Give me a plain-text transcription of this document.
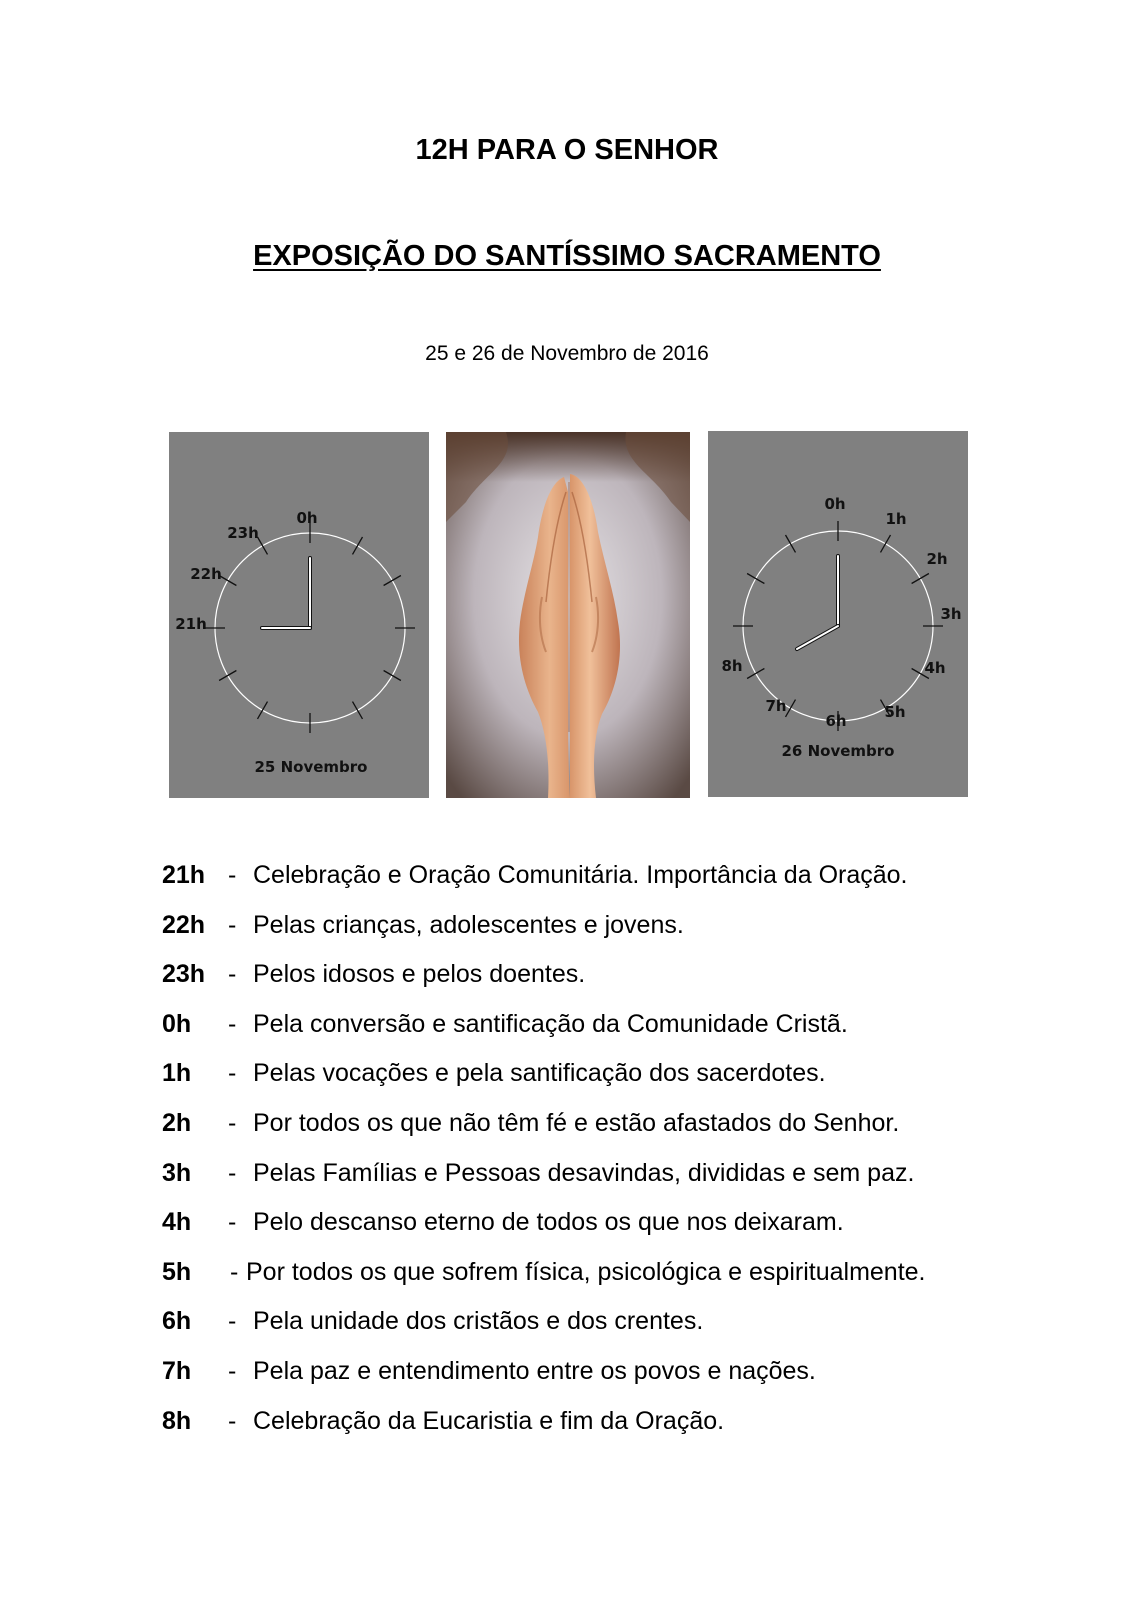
12H PARA O SENHOR
EXPOSIÇÃO DO SANTÍSSIMO SACRAMENTO
25 e 26 de Novembro de 2016
0h
23h
22h
21h
25 Novembro
0h
1h
2h
3h
4h
5h
6h
7h
8h
26 Novembro
21h - Celebração e Oração Comunitária. Importância da Oração.
22h - Pelas crianças, adolescentes e jovens.
23h - Pelos idosos e pelos doentes.
0h - Pela conversão e santificação da Comunidade Cristã.
1h - Pelas vocações e pela santificação dos sacerdotes.
2h - Por todos os que não têm fé e estão afastados do Senhor.
3h - Pelas Famílias e Pessoas desavindas, divididas e sem paz.
4h - Pelo descanso eterno de todos os que nos deixaram.
5h - Por todos os que sofrem física, psicológica e espiritualmente.
6h - Pela unidade dos cristãos e dos crentes.
7h - Pela paz e entendimento entre os povos e nações.
8h - Celebração da Eucaristia e fim da Oração.
